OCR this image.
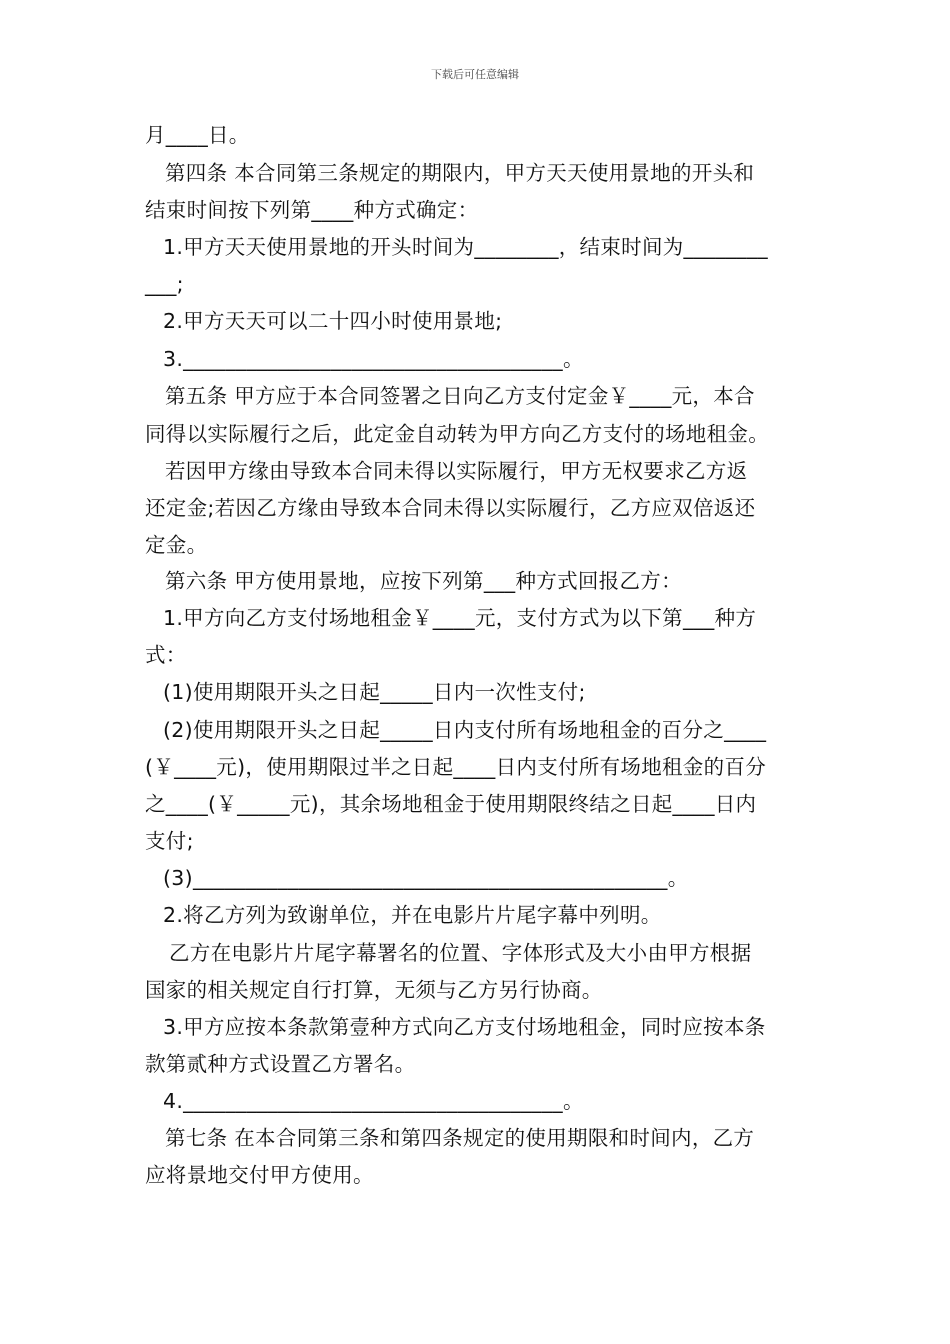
下载后可任意编辑
月____日。
第四条 本合同第三条规定的期限内，甲方天天使用景地的开头和
结束时间按下列第____种方式确定：
1.甲方天天使用景地的开头时间为________，结束时间为________
___;
2.甲方天天可以二十四小时使用景地;
3.____________________________________。
第五条 甲方应于本合同签署之日向乙方支付定金￥____元，本合
同得以实际履行之后，此定金自动转为甲方向乙方支付的场地租金。
若因甲方缘由导致本合同未得以实际履行，甲方无权要求乙方返
还定金;若因乙方缘由导致本合同未得以实际履行，乙方应双倍返还
定金。
第六条 甲方使用景地，应按下列第___种方式回报乙方：
1.甲方向乙方支付场地租金￥____元，支付方式为以下第___种方
式：
(1)使用期限开头之日起_____日内一次性支付;
(2)使用期限开头之日起_____日内支付所有场地租金的百分之____
(￥____元)，使用期限过半之日起____日内支付所有场地租金的百分
之____(￥_____元)，其余场地租金于使用期限终结之日起____日内
支付;
(3)_____________________________________________。
2.将乙方列为致谢单位，并在电影片片尾字幕中列明。
乙方在电影片片尾字幕署名的位置、字体形式及大小由甲方根据
国家的相关规定自行打算，无须与乙方另行协商。
3.甲方应按本条款第壹种方式向乙方支付场地租金，同时应按本条
款第贰种方式设置乙方署名。
4.____________________________________。
第七条 在本合同第三条和第四条规定的使用期限和时间内，乙方
应将景地交付甲方使用。
